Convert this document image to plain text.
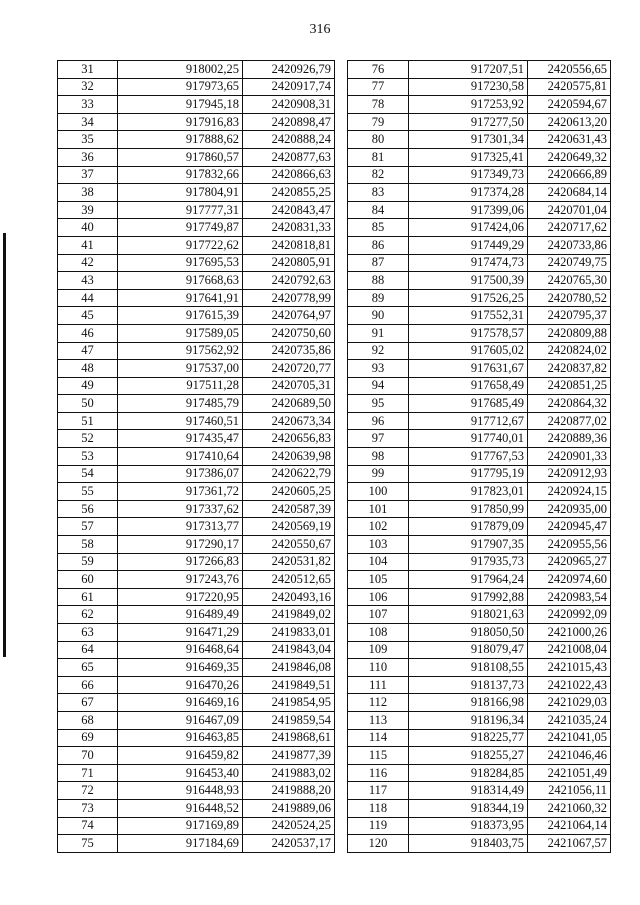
316
31	918002,25	2420926,79
32	917973,65	2420917,74
33	917945,18	2420908,31
34	917916,83	2420898,47
35	917888,62	2420888,24
36	917860,57	2420877,63
37	917832,66	2420866,63
38	917804,91	2420855,25
39	917777,31	2420843,47
40	917749,87	2420831,33
41	917722,62	2420818,81
42	917695,53	2420805,91
43	917668,63	2420792,63
44	917641,91	2420778,99
45	917615,39	2420764,97
46	917589,05	2420750,60
47	917562,92	2420735,86
48	917537,00	2420720,77
49	917511,28	2420705,31
50	917485,79	2420689,50
51	917460,51	2420673,34
52	917435,47	2420656,83
53	917410,64	2420639,98
54	917386,07	2420622,79
55	917361,72	2420605,25
56	917337,62	2420587,39
57	917313,77	2420569,19
58	917290,17	2420550,67
59	917266,83	2420531,82
60	917243,76	2420512,65
61	917220,95	2420493,16
62	916489,49	2419849,02
63	916471,29	2419833,01
64	916468,64	2419843,04
65	916469,35	2419846,08
66	916470,26	2419849,51
67	916469,16	2419854,95
68	916467,09	2419859,54
69	916463,85	2419868,61
70	916459,82	2419877,39
71	916453,40	2419883,02
72	916448,93	2419888,20
73	916448,52	2419889,06
74	917169,89	2420524,25
75	917184,69	2420537,17
76	917207,51	2420556,65
77	917230,58	2420575,81
78	917253,92	2420594,67
79	917277,50	2420613,20
80	917301,34	2420631,43
81	917325,41	2420649,32
82	917349,73	2420666,89
83	917374,28	2420684,14
84	917399,06	2420701,04
85	917424,06	2420717,62
86	917449,29	2420733,86
87	917474,73	2420749,75
88	917500,39	2420765,30
89	917526,25	2420780,52
90	917552,31	2420795,37
91	917578,57	2420809,88
92	917605,02	2420824,02
93	917631,67	2420837,82
94	917658,49	2420851,25
95	917685,49	2420864,32
96	917712,67	2420877,02
97	917740,01	2420889,36
98	917767,53	2420901,33
99	917795,19	2420912,93
100	917823,01	2420924,15
101	917850,99	2420935,00
102	917879,09	2420945,47
103	917907,35	2420955,56
104	917935,73	2420965,27
105	917964,24	2420974,60
106	917992,88	2420983,54
107	918021,63	2420992,09
108	918050,50	2421000,26
109	918079,47	2421008,04
110	918108,55	2421015,43
111	918137,73	2421022,43
112	918166,98	2421029,03
113	918196,34	2421035,24
114	918225,77	2421041,05
115	918255,27	2421046,46
116	918284,85	2421051,49
117	918314,49	2421056,11
118	918344,19	2421060,32
119	918373,95	2421064,14
120	918403,75	2421067,57
